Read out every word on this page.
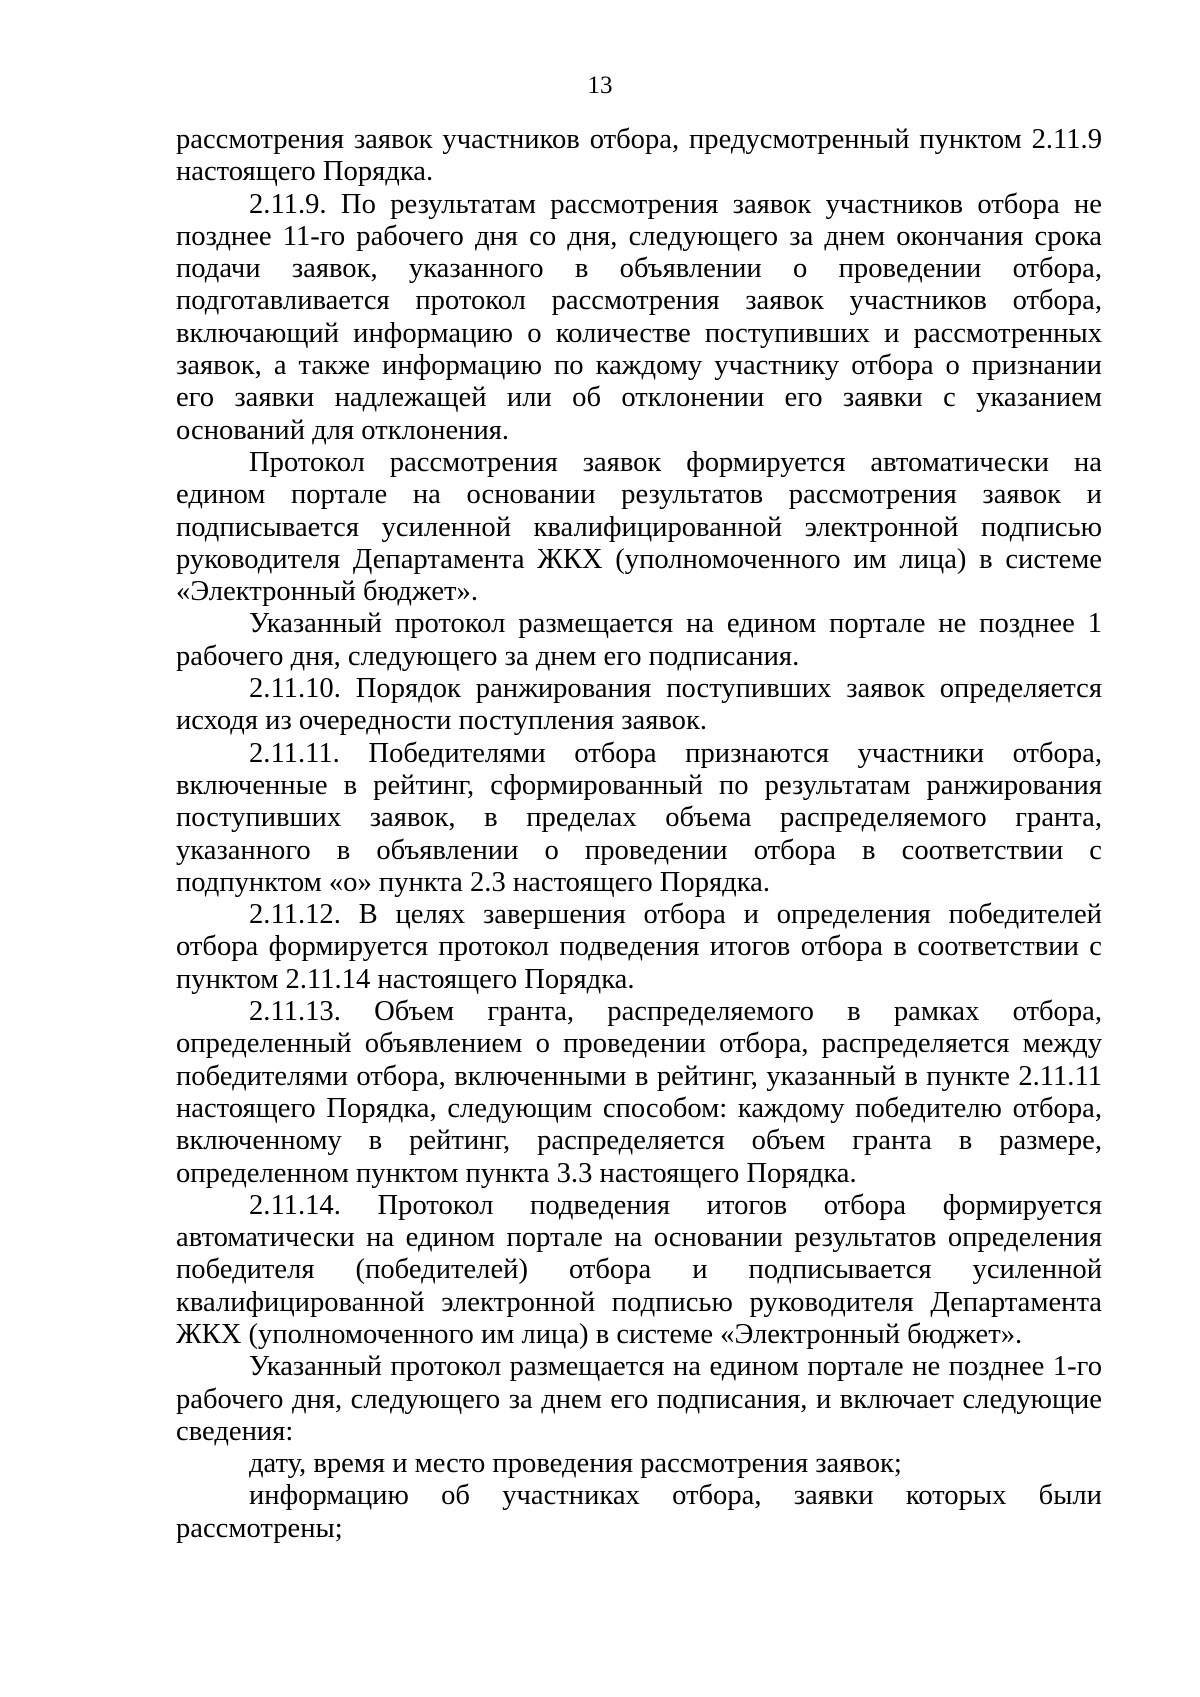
13

рассмотрения заявок участников отбора, предусмотренный пунктом 2.11.9 настоящего Порядка.

2.11.9. По результатам рассмотрения заявок участников отбора не позднее 11-го рабочего дня со дня, следующего за днем окончания срока подачи заявок, указанного в объявлении о проведении отбора, подготавливается протокол рассмотрения заявок участников отбора, включающий информацию о количестве поступивших и рассмотренных заявок, а также информацию по каждому участнику отбора о признании его заявки надлежащей или об отклонении его заявки с указанием оснований для отклонения.

Протокол рассмотрения заявок формируется автоматически на едином портале на основании результатов рассмотрения заявок и подписывается усиленной квалифицированной электронной подписью руководителя Департамента ЖКХ (уполномоченного им лица) в системе «Электронный бюджет».

Указанный протокол размещается на едином портале не позднее 1 рабочего дня, следующего за днем его подписания.

2.11.10. Порядок ранжирования поступивших заявок определяется исходя из очередности поступления заявок.

2.11.11. Победителями отбора признаются участники отбора, включенные в рейтинг, сформированный по результатам ранжирования поступивших заявок, в пределах объема распределяемого гранта, указанного в объявлении о проведении отбора в соответствии с подпунктом «о» пункта 2.3 настоящего Порядка.

2.11.12. В целях завершения отбора и определения победителей отбора формируется протокол подведения итогов отбора в соответствии с пунктом 2.11.14 настоящего Порядка.

2.11.13. Объем гранта, распределяемого в рамках отбора, определенный объявлением о проведении отбора, распределяется между победителями отбора, включенными в рейтинг, указанный в пункте 2.11.11 настоящего Порядка, следующим способом: каждому победителю отбора, включенному в рейтинг, распределяется объем гранта в размере, определенном пунктом пункта 3.3 настоящего Порядка.

2.11.14. Протокол подведения итогов отбора формируется автоматически на едином портале на основании результатов определения победителя (победителей) отбора и подписывается усиленной квалифицированной электронной подписью руководителя Департамента ЖКХ (уполномоченного им лица) в системе «Электронный бюджет».

Указанный протокол размещается на едином портале не позднее 1-го рабочего дня, следующего за днем его подписания, и включает следующие сведения:

дату, время и место проведения рассмотрения заявок;

информацию об участниках отбора, заявки которых были рассмотрены;
